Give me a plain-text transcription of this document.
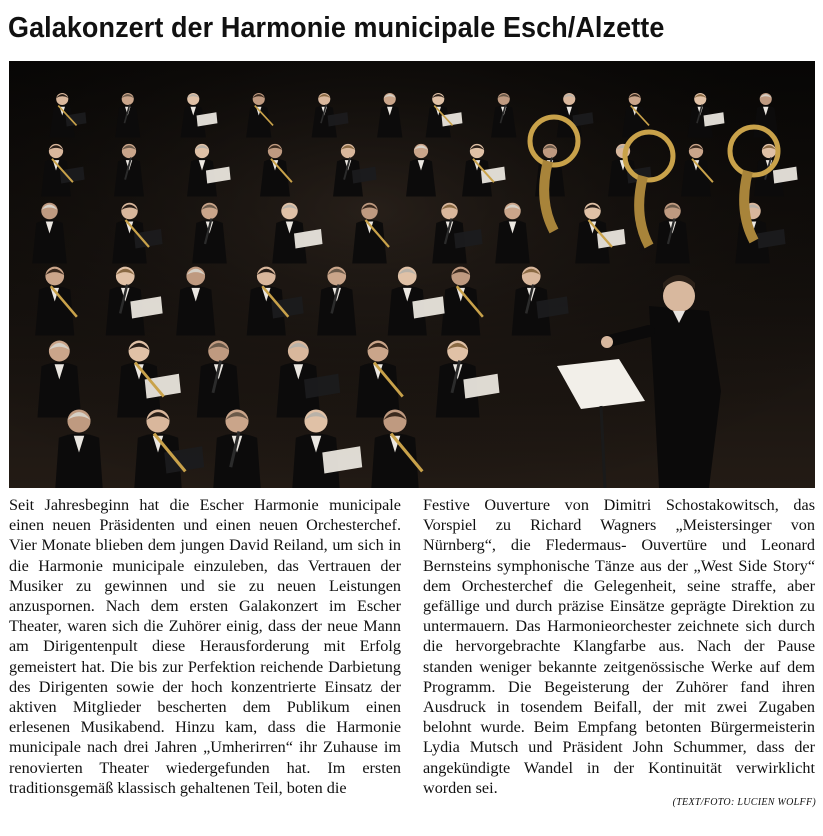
Galakonzert der Harmonie municipale Esch/Alzette
Seit Jahresbeginn hat die Escher Harmonie municipale einen neuen Präsidenten und einen neuen Orchesterchef. Vier Monate blieben dem jungen David Reiland, um sich in die Harmonie municipale einzuleben, das Vertrauen der Musiker zu gewinnen und sie zu neuen Leistungen anzuspornen. Nach dem ersten Galakonzert im Escher Theater, waren sich die Zuhörer einig, dass der neue Mann am Dirigentenpult diese Herausforderung mit Erfolg gemeistert hat. Die bis zur Perfektion reichende Darbietung des Dirigenten sowie der hoch konzentrierte Einsatz der aktiven Mitglieder bescherten dem Publikum einen erlesenen Musikabend. Hinzu kam, dass die Harmonie municipale nach drei Jahren „Umherirren“ ihr Zuhause im renovierten Theater wiedergefunden hat. Im ersten traditionsgemäß klassisch gehaltenen Teil, boten die
Festive Ouverture von Dimitri Schostakowitsch, das Vorspiel zu Richard Wagners „Meistersinger von Nürnberg“, die Fledermaus- Ouvertüre und Leonard Bernsteins symphonische Tänze aus der „West Side Story“ dem Orchesterchef die Gelegenheit, seine straffe, aber gefällige und durch präzise Einsätze geprägte Direktion zu untermauern. Das Harmonieorchester zeichnete sich durch die hervorgebrachte Klangfarbe aus. Nach der Pause standen weniger bekannte zeitgenössische Werke auf dem Programm. Die Begeisterung der Zuhörer fand ihren Ausdruck in tosendem Beifall, der mit zwei Zugaben belohnt wurde. Beim Empfang betonten Bürgermeisterin Lydia Mutsch und Präsident John Schummer, dass der angekündigte Wandel in der Kontinuität verwirklicht worden sei.
(TEXT/FOTO: LUCIEN WOLFF)
